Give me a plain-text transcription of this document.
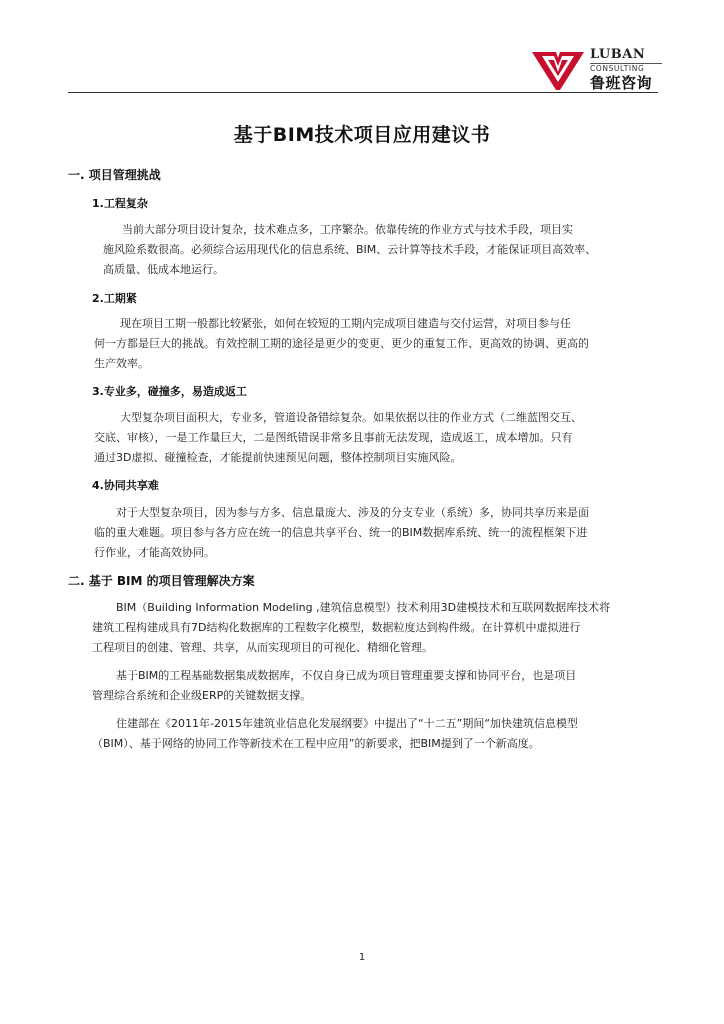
LUBAN
CONSULTING
鲁班咨询
基于BIM技术项目应用建议书
一. 项目管理挑战
1.工程复杂
当前大部分项目设计复杂，技术难点多，工序繁杂。依靠传统的作业方式与技术手段，项目实
施风险系数很高。必须综合运用现代化的信息系统、BIM、云计算等技术手段，才能保证项目高效率、
高质量、低成本地运行。
2.工期紧
现在项目工期一般都比较紧张，如何在较短的工期内完成项目建造与交付运营，对项目参与任
何一方都是巨大的挑战。有效控制工期的途径是更少的变更、更少的重复工作、更高效的协调、更高的
生产效率。
3.专业多，碰撞多，易造成返工
大型复杂项目面积大，专业多，管道设备错综复杂。如果依据以往的作业方式（二维蓝图交互、
交底、审核），一是工作量巨大，二是图纸错误非常多且事前无法发现，造成返工，成本增加。只有
通过3D虚拟、碰撞检查，才能提前快速预见问题，整体控制项目实施风险。
4.协同共享难
对于大型复杂项目，因为参与方多、信息量庞大、涉及的分支专业（系统）多，协同共享历来是面
临的重大难题。项目参与各方应在统一的信息共享平台、统一的BIM数据库系统、统一的流程框架下进
行作业，才能高效协同。
二. 基于 BIM 的项目管理解决方案
BIM（Building Information Modeling ,建筑信息模型）技术利用3D建模技术和互联网数据库技术将
建筑工程构建成具有7D结构化数据库的工程数字化模型，数据粒度达到构件级。在计算机中虚拟进行
工程项目的创建、管理、共享，从而实现项目的可视化、精细化管理。
基于BIM的工程基础数据集成数据库，不仅自身已成为项目管理重要支撑和协同平台，也是项目
管理综合系统和企业级ERP的关键数据支撑。
住建部在《2011年-2015年建筑业信息化发展纲要》中提出了“十二五”期间“加快建筑信息模型
（BIM）、基于网络的协同工作等新技术在工程中应用”的新要求，把BIM提到了一个新高度。
1
